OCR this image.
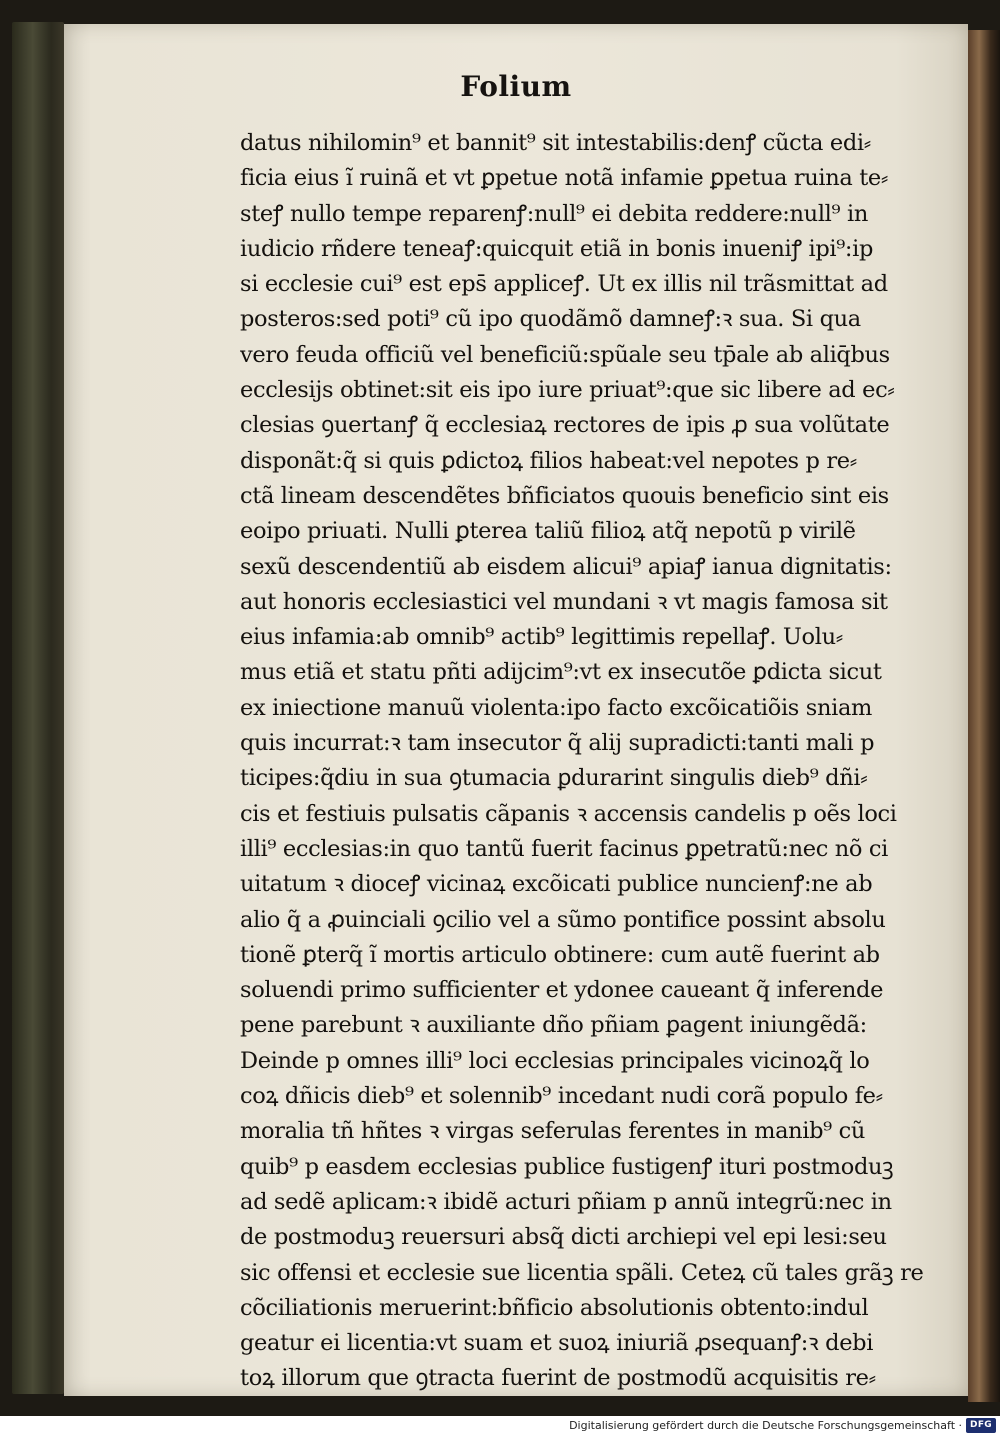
Folium
datus nihilomin⁹ et bannit⁹ sit intestabilis:denꝭ cũcta edi⸗
ficia eius ĩ ruinã et vt ꝑpetue notã infamie ꝑpetua ruina te⸗
steꝭ nullo tempe reparenꝭ:null⁹ ei debita reddere:null⁹ in
iudicio rñdere teneaꝭ:quicquit etiã in bonis inueniꝭ ipi⁹:ip
si ecclesie cui⁹ est eps̄ appliceꝭ. Ut ex illis nil trãsmittat ad
posteros:sed poti⁹ cũ ipo quodãmõ damneꝭ:ꝛ sua. Si qua
vero feuda officiũ vel beneficiũ:spũale seu tp̄ale ab aliq̄bus
ecclesijs obtinet:sit eis ipo iure priuat⁹:que sic libere ad ec⸗
clesias ꝯuertanꝭ q̃ ecclesiaꝝ rectores de ipis ꝓ sua volũtate
disponãt:q̃ si quis ꝑdictoꝝ filios habeat:vel nepotes p re⸗
ctã lineam descendẽtes bñficiatos quouis beneficio sint eis
eoipo priuati. Nulli ꝑterea taliũ filioꝝ atq̃ nepotũ p virilẽ
sexũ descendentiũ ab eisdem alicui⁹ apiaꝭ ianua dignitatis:
aut honoris ecclesiastici vel mundani ꝛ vt magis famosa sit
eius infamia:ab omnib⁹ actib⁹ legittimis repellaꝭ. Uolu⸗
mus etiã et statu pñti adijcim⁹:vt ex insecutõe ꝑdicta sicut
ex iniectione manuũ violenta:ipo facto excõicatiõis sniam
quis incurrat:ꝛ tam insecutor q̃ alij supradicti:tanti mali p
ticipes:q̃diu in sua ꝯtumacia ꝑdurarint singulis dieb⁹ dñi⸗
cis et festiuis pulsatis cãpanis ꝛ accensis candelis p oẽs loci
illi⁹ ecclesias:in quo tantũ fuerit facinus ꝑpetratũ:nec nõ ci
uitatum ꝛ dioceꝭ vicinaꝝ excõicati publice nuncienꝭ:ne ab
alio q̃ a ꝓuinciali ꝯcilio vel a sũmo pontifice possint absolu
tionẽ ꝑterq̃ ĩ mortis articulo obtinere: cum autẽ fuerint ab
soluendi primo sufficienter et ydonee caueant q̃ inferende
pene parebunt ꝛ auxiliante dño pñiam ꝑagent iniungẽdã:
Deinde p omnes illi⁹ loci ecclesias principales vicinoꝝq̃ lo
coꝝ dñicis dieb⁹ et solennib⁹ incedant nudi corã populo fe⸗
moralia tñ hñtes ꝛ virgas seferulas ferentes in manib⁹ cũ
quib⁹ p easdem ecclesias publice fustigenꝭ ituri postmoduꝫ
ad sedẽ aplicam:ꝛ ibidẽ acturi pñiam p annũ integrũ:nec in
de postmoduꝫ reuersuri absq̃ dicti archiepi vel epi lesi:seu
sic offensi et ecclesie sue licentia spãli. Ceteꝝ cũ tales grãꝫ re
cõciliationis meruerint:bñficio absolutionis obtento:indul
geatur ei licentia:vt suam et suoꝝ iniuriã ꝓsequanꝭ:ꝛ debi
toꝝ illorum que ꝯtracta fuerint de postmodũ acquisitis re⸗
Digitalisierung gefördert durch die Deutsche Forschungsgemeinschaft · DFG
